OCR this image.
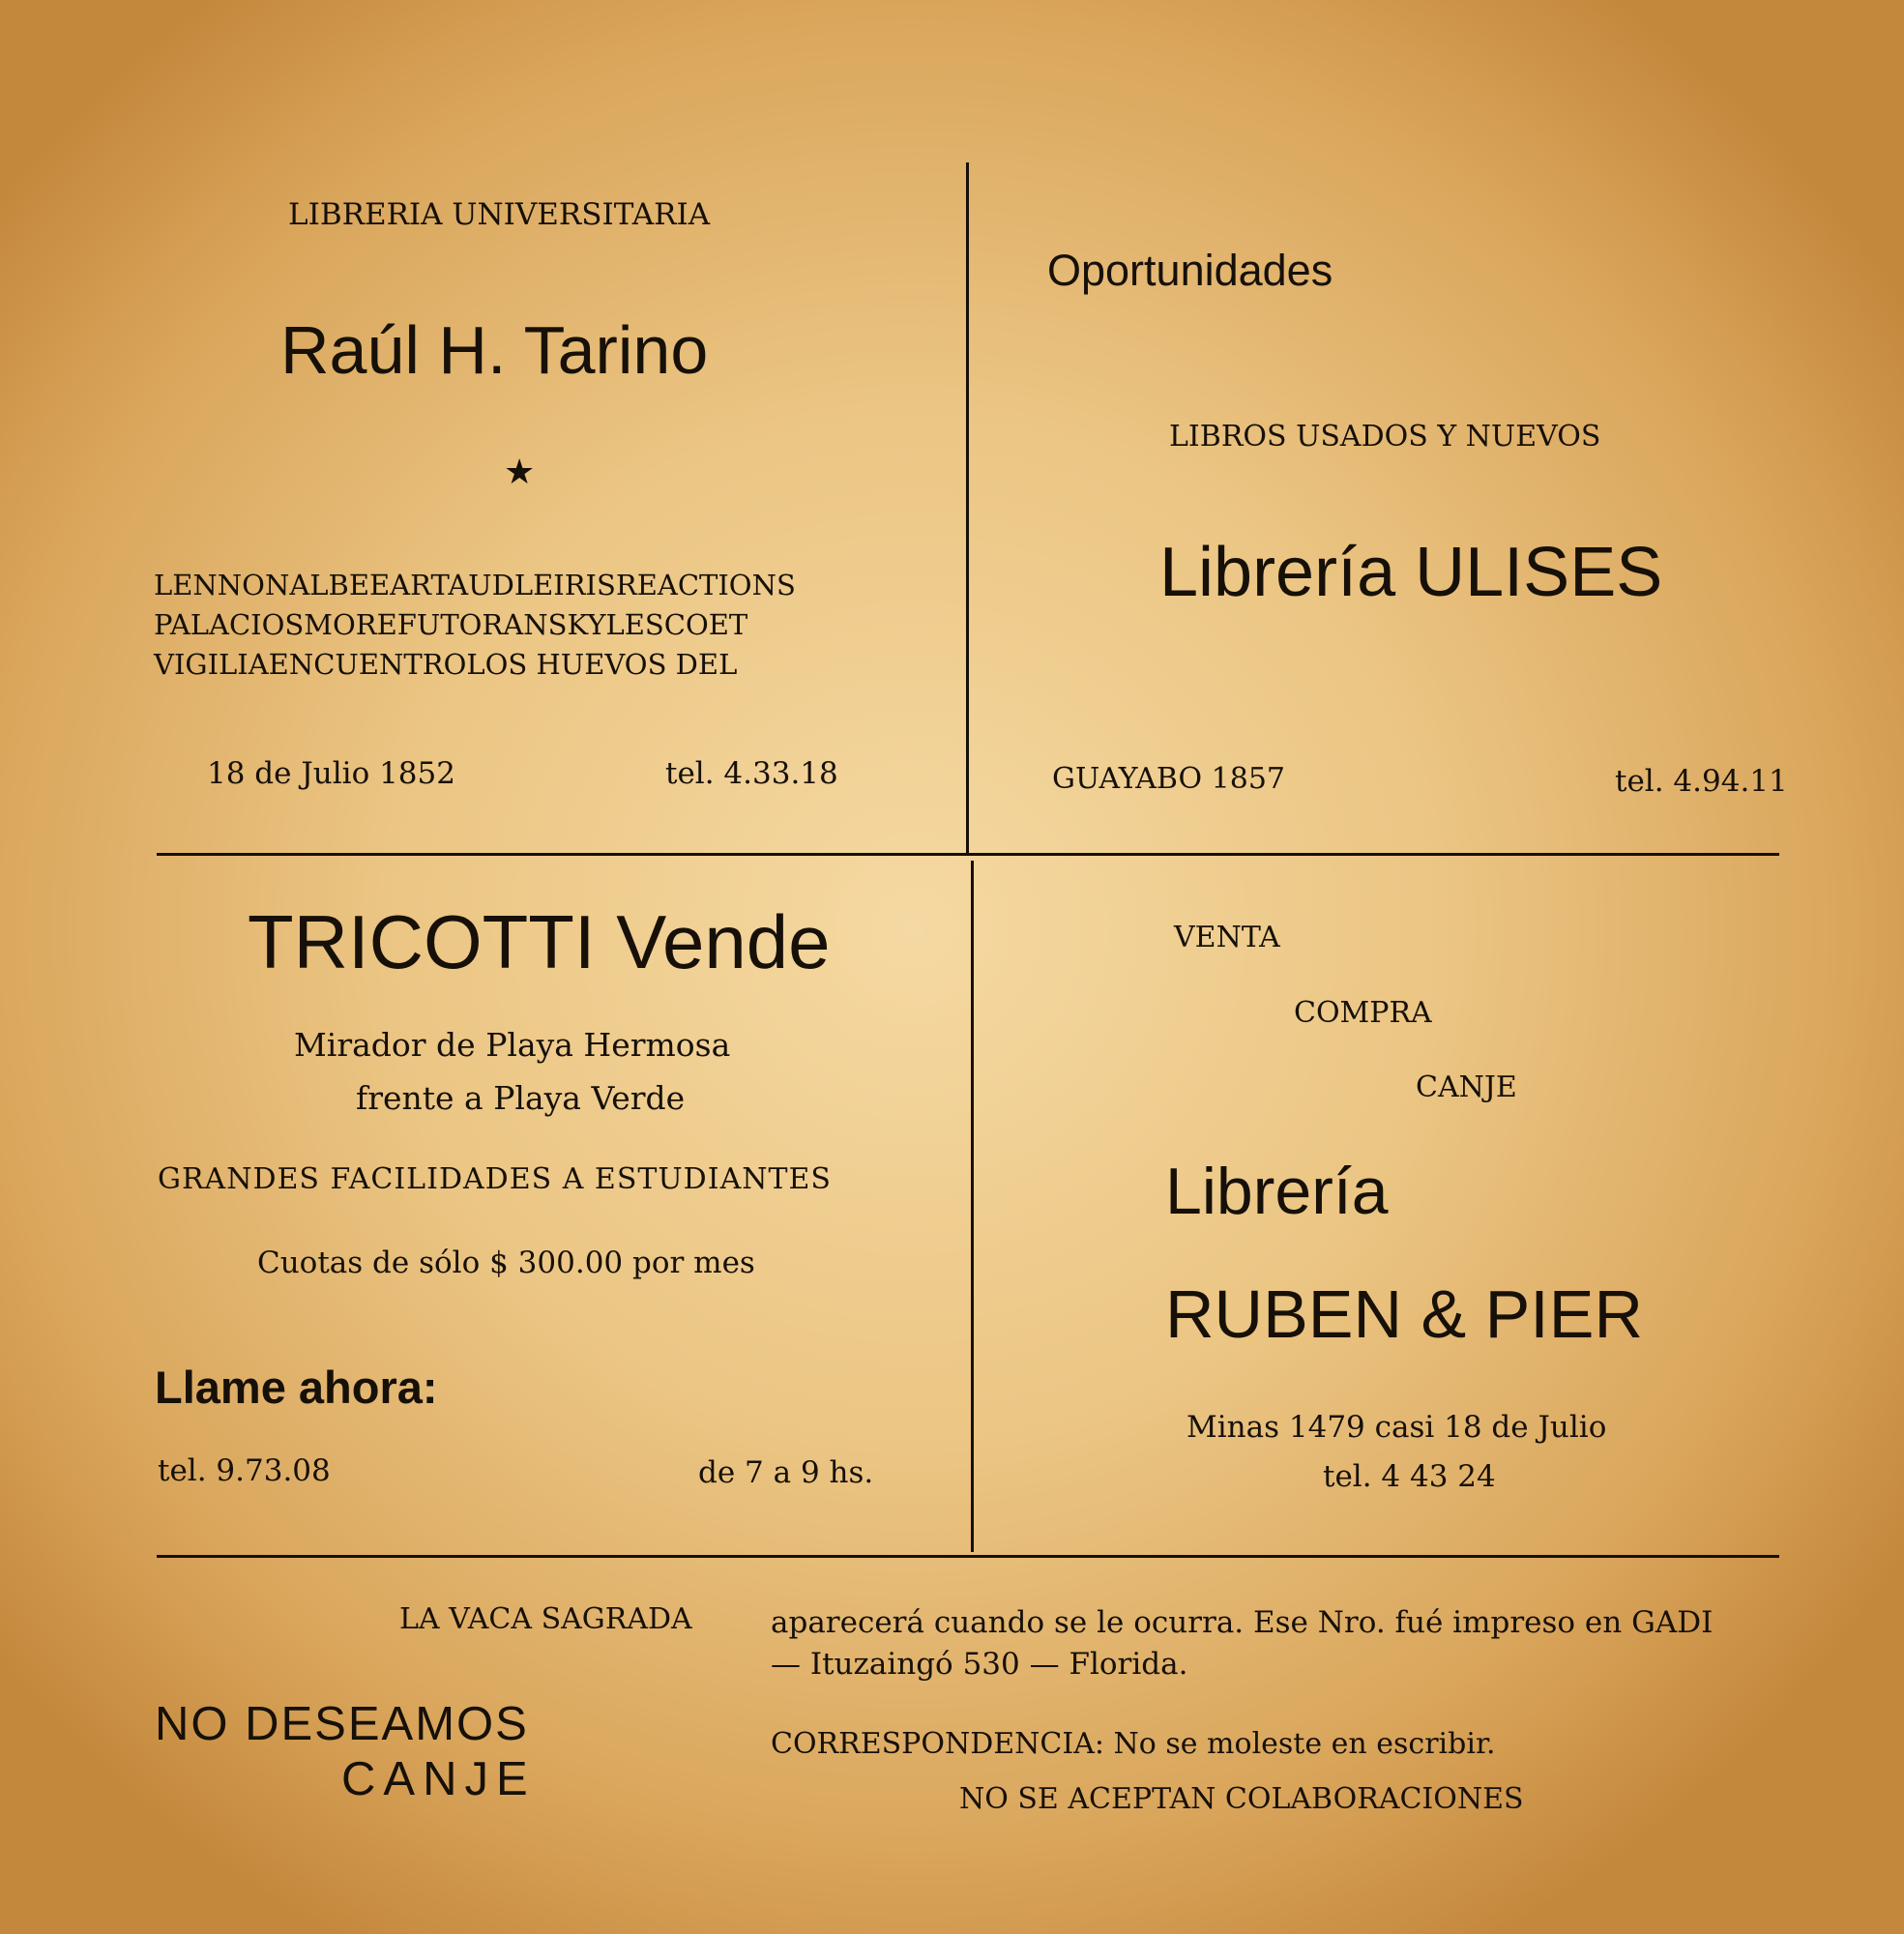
LIBRERIA UNIVERSITARIA
Raúl H. Tarino
★
LENNONALBEEARTAUDLEIRISREACTIONS
PALACIOSMOREFUTORANSKYLESCOET
VIGILIAENCUENTROLOS HUEVOS DEL
18 de Julio 1852	tel. 4.33.18
Oportunidades
LIBROS USADOS Y NUEVOS
Librería ULISES
GUAYABO 1857	tel. 4.94.11
TRICOTTI Vende
Mirador de Playa Hermosa
frente a Playa Verde
GRANDES FACILIDADES A ESTUDIANTES
Cuotas de sólo $ 300.00 por mes
Llame ahora:
tel. 9.73.08	de 7 a 9 hs.
VENTA
COMPRA
CANJE
Librería
RUBEN & PIER
Minas 1479 casi 18 de Julio
tel. 4 43 24
LA VACA SAGRADA	aparecerá cuando se le ocurra. Ese Nro. fué impreso en GADI
— Ituzaingó 530 — Florida.
NO DESEAMOS
CANJE
CORRESPONDENCIA: No se moleste en escribir.
NO SE ACEPTAN COLABORACIONES
